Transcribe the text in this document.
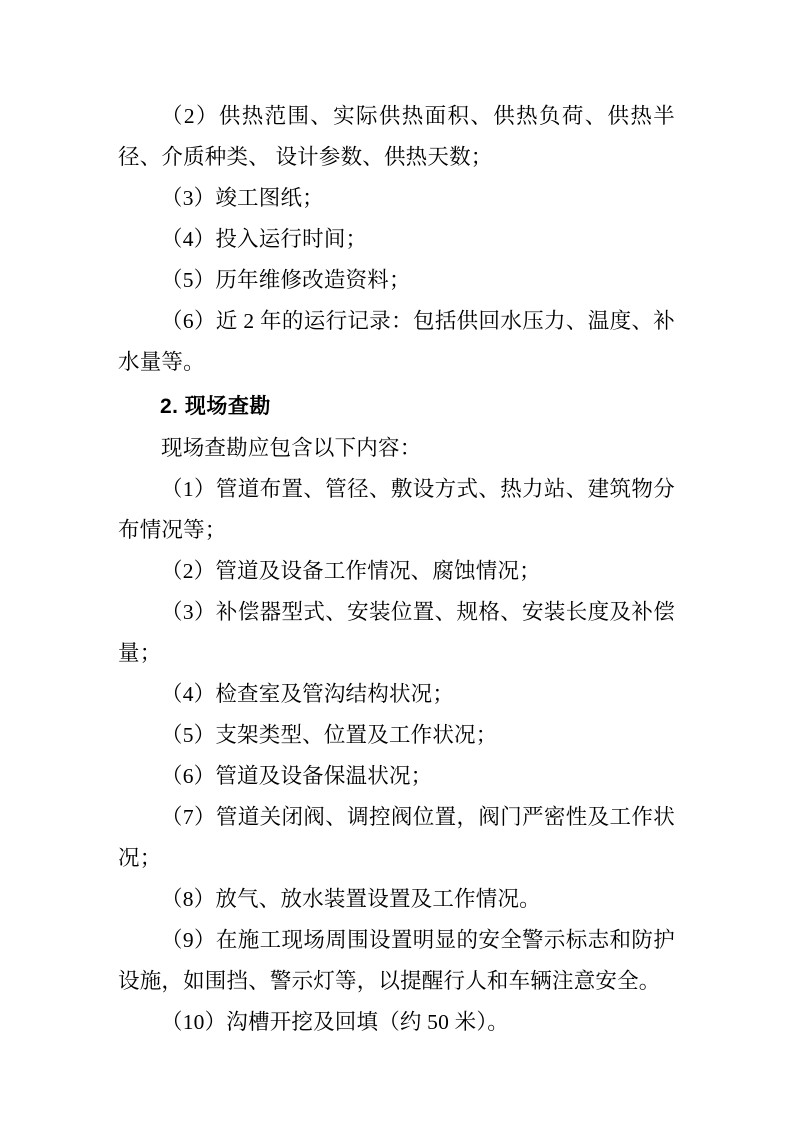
（2）供热范围、实际供热面积、供热负荷、供热半径、介质种类、 设计参数、供热天数；

（3）竣工图纸；

（4）投入运行时间；

（5）历年维修改造资料；

（6）近 2 年的运行记录：包括供回水压力、温度、补水量等。

2. 现场查勘

现场查勘应包含以下内容：

（1）管道布置、管径、敷设方式、热力站、建筑物分布情况等；

（2）管道及设备工作情况、腐蚀情况；

（3）补偿器型式、安装位置、规格、安装长度及补偿量；

（4）检查室及管沟结构状况；

（5）支架类型、位置及工作状况；

（6）管道及设备保温状况；

（7）管道关闭阀、调控阀位置，阀门严密性及工作状况；

（8）放气、放水装置设置及工作情况。

（9）在施工现场周围设置明显的安全警示标志和防护设施，如围挡、警示灯等，以提醒行人和车辆注意安全。

（10）沟槽开挖及回填（约 50 米）。
